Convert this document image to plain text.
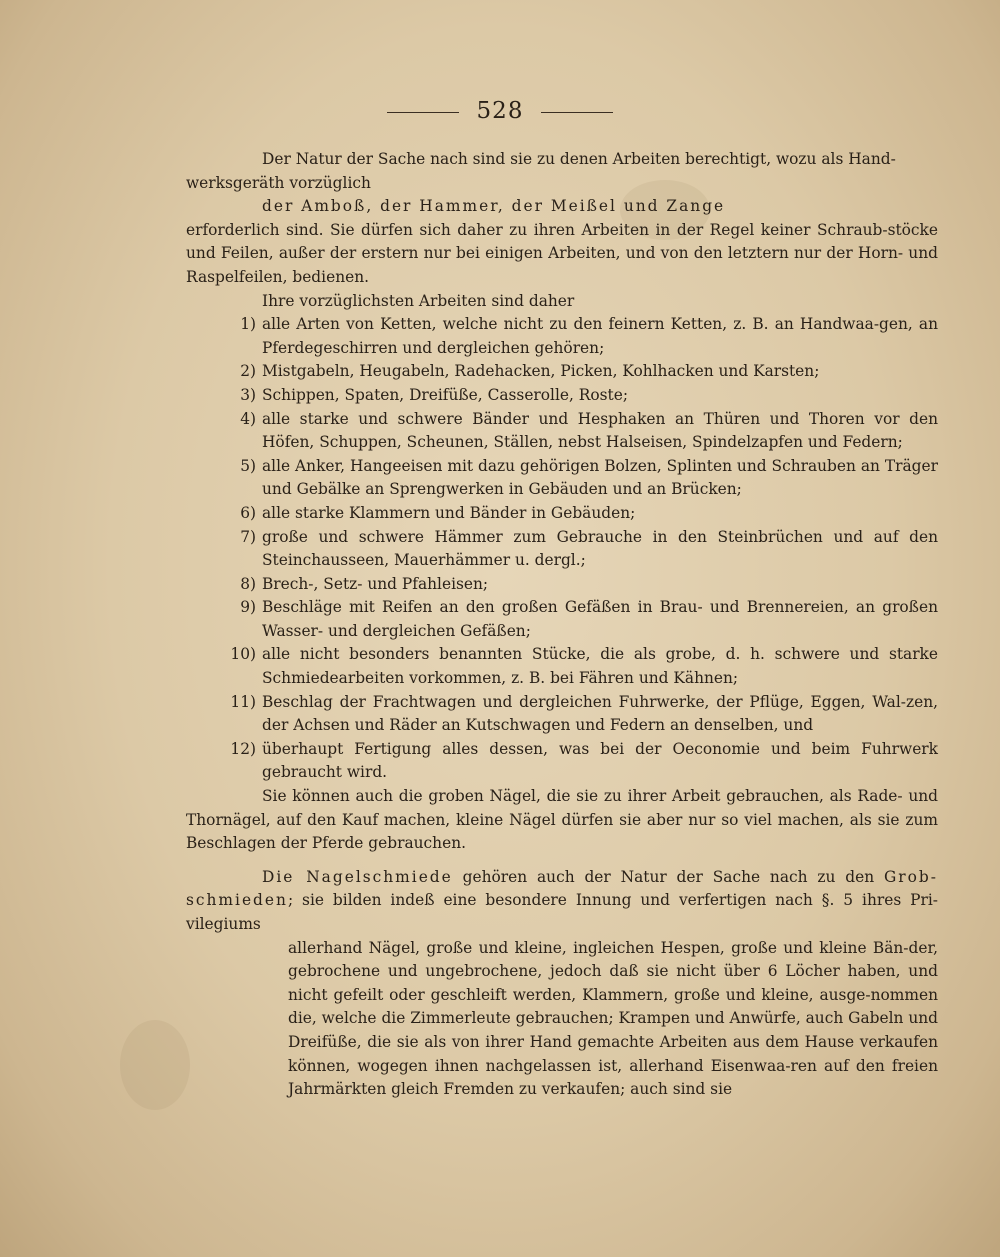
528

Der Natur der Sache nach sind sie zu denen Arbeiten berechtigt, wozu als Hand-

werksgeräth vorzüglich

der Amboß, der Hammer, der Meißel und Zange

erforderlich sind. Sie dürfen sich daher zu ihren Arbeiten in der Regel keiner Schraub-stöcke und Feilen, außer der erstern nur bei einigen Arbeiten, und von den letztern nur der Horn- und Raspelfeilen, bedienen.

Ihre vorzüglichsten Arbeiten sind daher

1) alle Arten von Ketten, welche nicht zu den feinern Ketten, z. B. an Handwaa-gen, an Pferdegeschirren und dergleichen gehören;
2) Mistgabeln, Heugabeln, Radehacken, Picken, Kohlhacken und Karsten;
3) Schippen, Spaten, Dreifüße, Casserolle, Roste;
4) alle starke und schwere Bänder und Hesphaken an Thüren und Thoren vor den Höfen, Schuppen, Scheunen, Ställen, nebst Halseisen, Spindelzapfen und Federn;
5) alle Anker, Hangeeisen mit dazu gehörigen Bolzen, Splinten und Schrauben an Träger und Gebälke an Sprengwerken in Gebäuden und an Brücken;
6) alle starke Klammern und Bänder in Gebäuden;
7) große und schwere Hämmer zum Gebrauche in den Steinbrüchen und auf den Steinchausseen, Mauerhämmer u. dergl.;
8) Brech-, Setz- und Pfahleisen;
9) Beschläge mit Reifen an den großen Gefäßen in Brau- und Brennereien, an großen Wasser- und dergleichen Gefäßen;
10) alle nicht besonders benannten Stücke, die als grobe, d. h. schwere und starke Schmiedearbeiten vorkommen, z. B. bei Fähren und Kähnen;
11) Beschlag der Frachtwagen und dergleichen Fuhrwerke, der Pflüge, Eggen, Wal-zen, der Achsen und Räder an Kutschwagen und Federn an denselben, und
12) überhaupt Fertigung alles dessen, was bei der Oeconomie und beim Fuhrwerk gebraucht wird.

Sie können auch die groben Nägel, die sie zu ihrer Arbeit gebrauchen, als Rade- und Thornägel, auf den Kauf machen, kleine Nägel dürfen sie aber nur so viel machen, als sie zum Beschlagen der Pferde gebrauchen.

Die Nagelschmiede gehören auch der Natur der Sache nach zu den Grob-schmieden; sie bilden indeß eine besondere Innung und verfertigen nach §. 5 ihres Pri-vilegiums

allerhand Nägel, große und kleine, ingleichen Hespen, große und kleine Bän-der, gebrochene und ungebrochene, jedoch daß sie nicht über 6 Löcher haben, und nicht gefeilt oder geschleift werden, Klammern, große und kleine, ausge-nommen die, welche die Zimmerleute gebrauchen; Krampen und Anwürfe, auch Gabeln und Dreifüße, die sie als von ihrer Hand gemachte Arbeiten aus dem Hause verkaufen können, wogegen ihnen nachgelassen ist, allerhand Eisenwaa-ren auf den freien Jahrmärkten gleich Fremden zu verkaufen; auch sind sie
